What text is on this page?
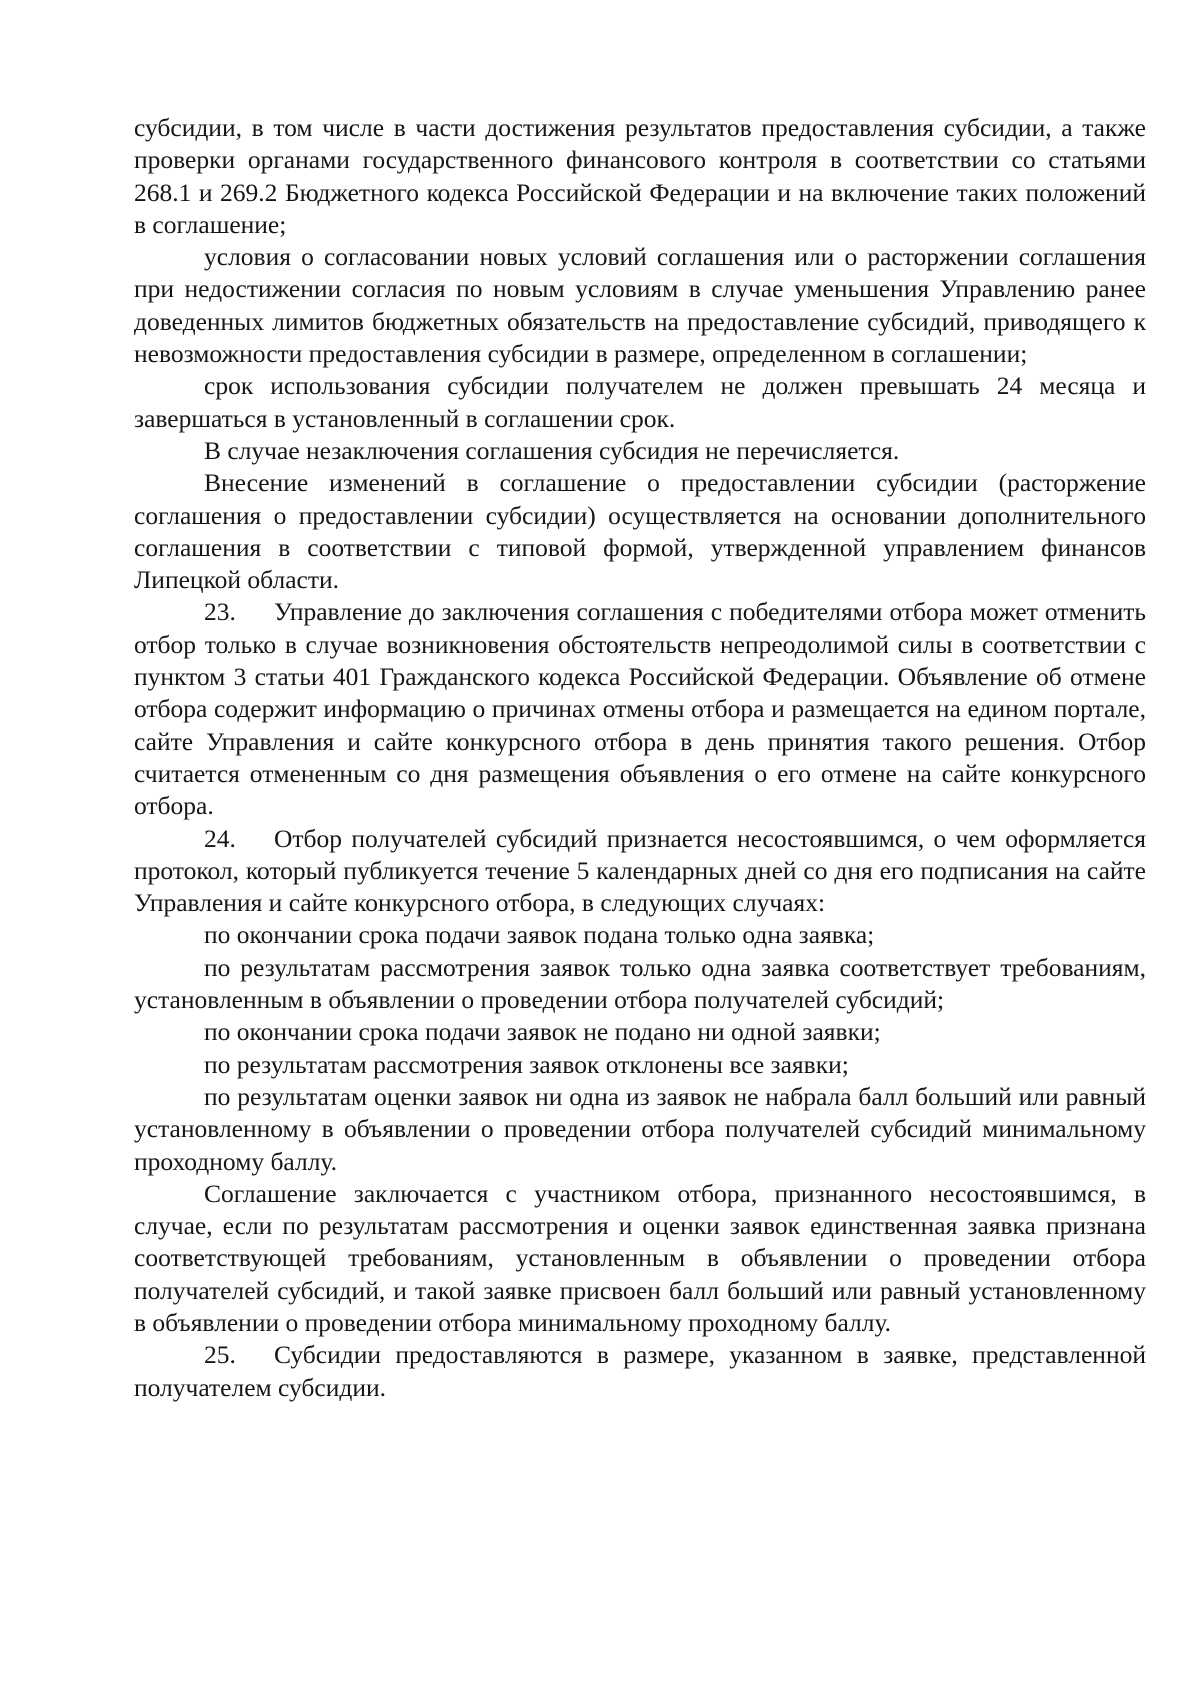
субсидии, в том числе в части достижения результатов предоставления субсидии, а также проверки органами государственного финансового контроля в соответствии со статьями 268.1 и 269.2 Бюджетного кодекса Российской Федерации и на включение таких положений в соглашение;

условия о согласовании новых условий соглашения или о расторжении соглашения при недостижении согласия по новым условиям в случае уменьшения Управлению ранее доведенных лимитов бюджетных обязательств на предоставление субсидий, приводящего к невозможности предоставления субсидии в размере, определенном в соглашении;

срок использования субсидии получателем не должен превышать 24 месяца и завершаться в установленный в соглашении срок.

В случае незаключения соглашения субсидия не перечисляется.

Внесение изменений в соглашение о предоставлении субсидии (расторжение соглашения о предоставлении субсидии) осуществляется на основании дополнительного соглашения в соответствии с типовой формой, утвержденной управлением финансов Липецкой области.

23. Управление до заключения соглашения с победителями отбора может отменить отбор только в случае возникновения обстоятельств непреодолимой силы в соответствии с пунктом 3 статьи 401 Гражданского кодекса Российской Федерации. Объявление об отмене отбора содержит информацию о причинах отмены отбора и размещается на едином портале, сайте Управления и сайте конкурсного отбора в день принятия такого решения. Отбор считается отмененным со дня размещения объявления о его отмене на сайте конкурсного отбора.

24. Отбор получателей субсидий признается несостоявшимся, о чем оформляется протокол, который публикуется течение 5 календарных дней со дня его подписания на сайте Управления и сайте конкурсного отбора, в следующих случаях:

по окончании срока подачи заявок подана только одна заявка;

по результатам рассмотрения заявок только одна заявка соответствует требованиям, установленным в объявлении о проведении отбора получателей субсидий;

по окончании срока подачи заявок не подано ни одной заявки;

по результатам рассмотрения заявок отклонены все заявки;

по результатам оценки заявок ни одна из заявок не набрала балл больший или равный установленному в объявлении о проведении отбора получателей субсидий минимальному проходному баллу.

Соглашение заключается с участником отбора, признанного несостоявшимся, в случае, если по результатам рассмотрения и оценки заявок единственная заявка признана соответствующей требованиям, установленным в объявлении о проведении отбора получателей субсидий, и такой заявке присвоен балл больший или равный установленному в объявлении о проведении отбора минимальному проходному баллу.

25. Субсидии предоставляются в размере, указанном в заявке, представленной получателем субсидии.
